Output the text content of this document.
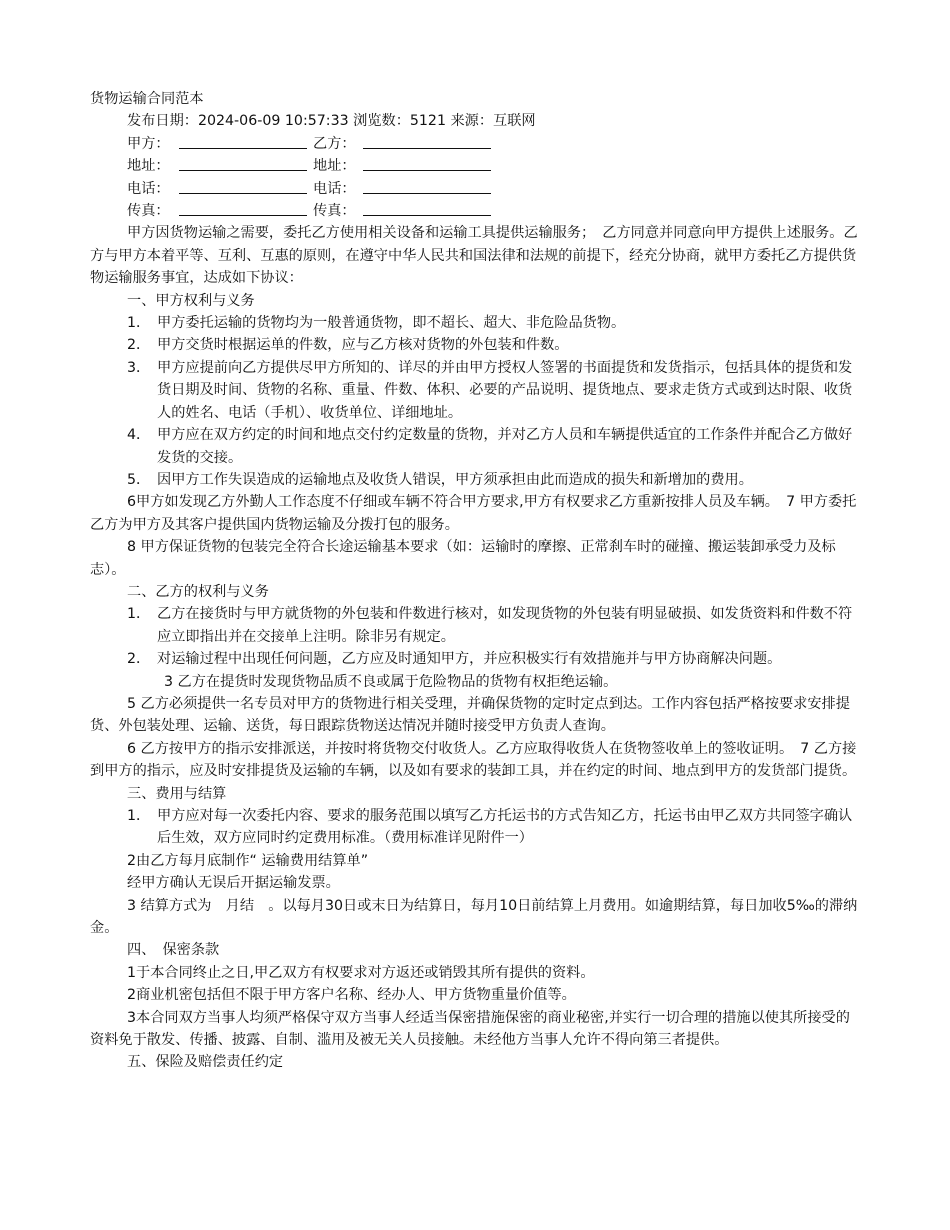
货物运输合同范本

发布日期：2024-06-09 10:57:33 浏览数：5121 来源：互联网

甲方：	乙方：
地址：	地址：
电话：	电话：
传真：	传真：

甲方因货物运输之需要，委托乙方使用相关设备和运输工具提供运输服务；　乙方同意并同意向甲方提供上述服务。乙方与甲方本着平等、互利、互惠的原则，在遵守中华人民共和国法律和法规的前提下，经充分协商，就甲方委托乙方提供货物运输服务事宜，达成如下协议：

一、甲方权利与义务

1． 甲方委托运输的货物均为一般普通货物，即不超长、超大、非危险品货物。
2． 甲方交货时根据运单的件数，应与乙方核对货物的外包装和件数。
3． 甲方应提前向乙方提供尽甲方所知的、详尽的并由甲方授权人签署的书面提货和发货指示，包括具体的提货和发货日期及时间、货物的名称、重量、件数、体积、必要的产品说明、提货地点、要求走货方式或到达时限、收货人的姓名、电话（手机）、收货单位、详细地址。
4． 甲方应在双方约定的时间和地点交付约定数量的货物，并对乙方人员和车辆提供适宜的工作条件并配合乙方做好发货的交接。
5． 因甲方工作失误造成的运输地点及收货人错误，甲方须承担由此而造成的损失和新增加的费用。

6甲方如发现乙方外勤人工作态度不仔细或车辆不符合甲方要求,甲方有权要求乙方重新按排人员及车辆。　7 甲方委托乙方为甲方及其客户提供国内货物运输及分拨打包的服务。

8 甲方保证货物的包装完全符合长途运输基本要求（如：运输时的摩擦、正常刹车时的碰撞、搬运装卸承受力及标志）。

二、乙方的权利与义务

1． 乙方在接货时与甲方就货物的外包装和件数进行核对，如发现货物的外包装有明显破损、如发货资料和件数不符应立即指出并在交接单上注明。除非另有规定。
2． 对运输过程中出现任何问题，乙方应及时通知甲方，并应积极实行有效措施并与甲方协商解决问题。

3 乙方在提货时发现货物品质不良或属于危险物品的货物有权拒绝运输。

5 乙方必须提供一名专员对甲方的货物进行相关受理，并确保货物的定时定点到达。工作内容包括严格按要求安排提货、外包装处理、运输、送货，每日跟踪货物送达情况并随时接受甲方负责人查询。

6 乙方按甲方的指示安排派送，并按时将货物交付收货人。乙方应取得收货人在货物签收单上的签收证明。　7 乙方接到甲方的指示，应及时安排提货及运输的车辆，以及如有要求的装卸工具，并在约定的时间、地点到甲方的发货部门提货。

三、费用与结算

1． 甲方应对每一次委托内容、要求的服务范围以填写乙方托运书的方式告知乙方，托运书由甲乙双方共同签字确认后生效，双方应同时约定费用标准。（费用标准详见附件一）

2由乙方每月底制作“ 运输费用结算单”

经甲方确认无误后开据运输发票。

3 结算方式为　月结　。以每月30日或末日为结算日，每月10日前结算上月费用。如逾期结算，每日加收5‰的滞纳金。

四、　保密条款

1于本合同终止之日,甲乙双方有权要求对方返还或销毁其所有提供的资料。

2商业机密包括但不限于甲方客户名称、经办人、甲方货物重量价值等。

3本合同双方当事人均须严格保守双方当事人经适当保密措施保密的商业秘密,并实行一切合理的措施以使其所接受的资料免于散发、传播、披露、自制、滥用及被无关人员接触。未经他方当事人允许不得向第三者提供。

五、保险及赔偿责任约定
